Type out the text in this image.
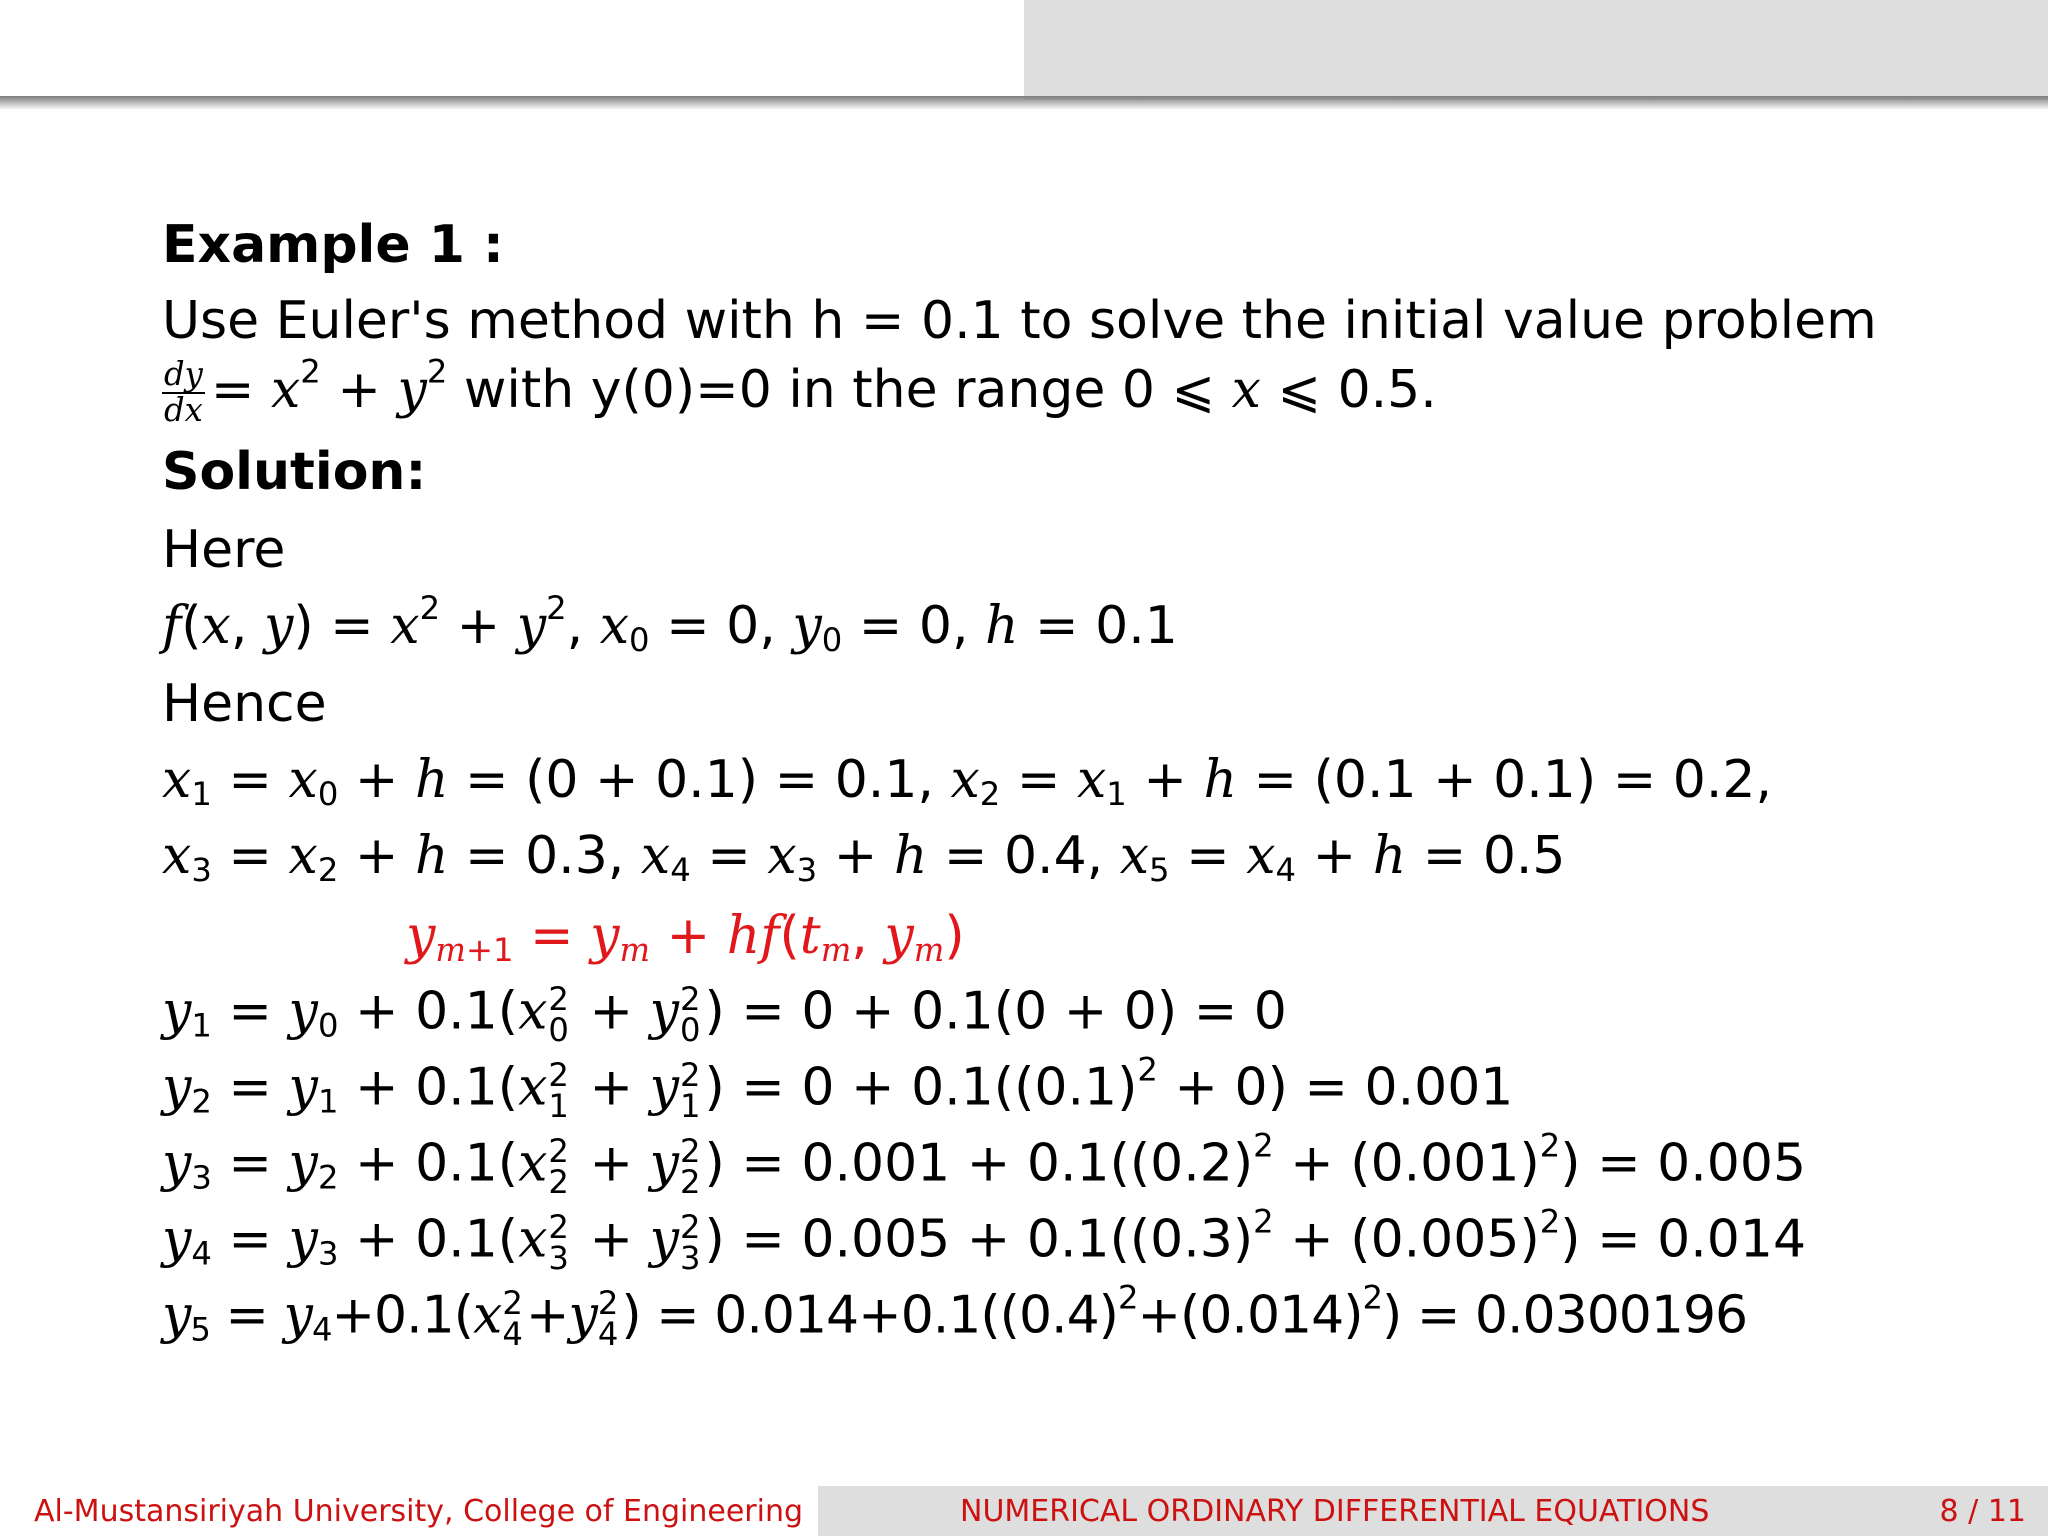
Example 1 :
Use Euler's method with h = 0.1 to solve the initial value problem
$\frac{dy}{dx} = x^2 + y^2$ with y(0)=0 in the range 0 ⩽ x ⩽ 0.5.
Solution:
Here
f(x, $y) = x^2 + y^2$, $x_0 = 0$, $y_0 = 0$, h = 0.1
Hence
$x_1 = x_0 + h = (0 + 0.1) = 0.1$, $x_2 = x_1 + h = (0.1 + 0.1) = 0.2$,
$x_3 = x_2 + h = 0.3$, $x_4 = x_3 + h = 0.4$, $x_5 = x_4 + h = 0.5$
$y_{m+1} = y_m + hf(t_m$, $y_m$)
$y_1 = y_0 + 0.1(x$ 2
0 + y 2
0 ) = 0 + 0.1(0 + 0) = 0
$y_2 = y_1 + 0.1(x$ 2
1 + y 2
1 ) = $0 + 0.1((0.1)^2 + 0) = 0.001$
$y_3 = y_2 + 0.1(x$ 2
2 + y 2
2 ) = $0.001 + 0.1((0.2)^2 + (0.001)^2) = 0.005$
$y_4 = y_3 + 0.1(x$ 2
3 + y 2
3 ) = $0.005 + 0.1((0.3)^2 + (0.005)^2) = 0.014$
$y_5 = y_4+0.1(x$ 2
4 +y 2
4 ) = $0.014+0.1((0.4)^2+(0.014)^2) = 0.0300196$
Al-Mustansiriyah University, College of Engineering	NUMERICAL ORDINARY DIFFERENTIAL EQUATIONS	8 / 11
